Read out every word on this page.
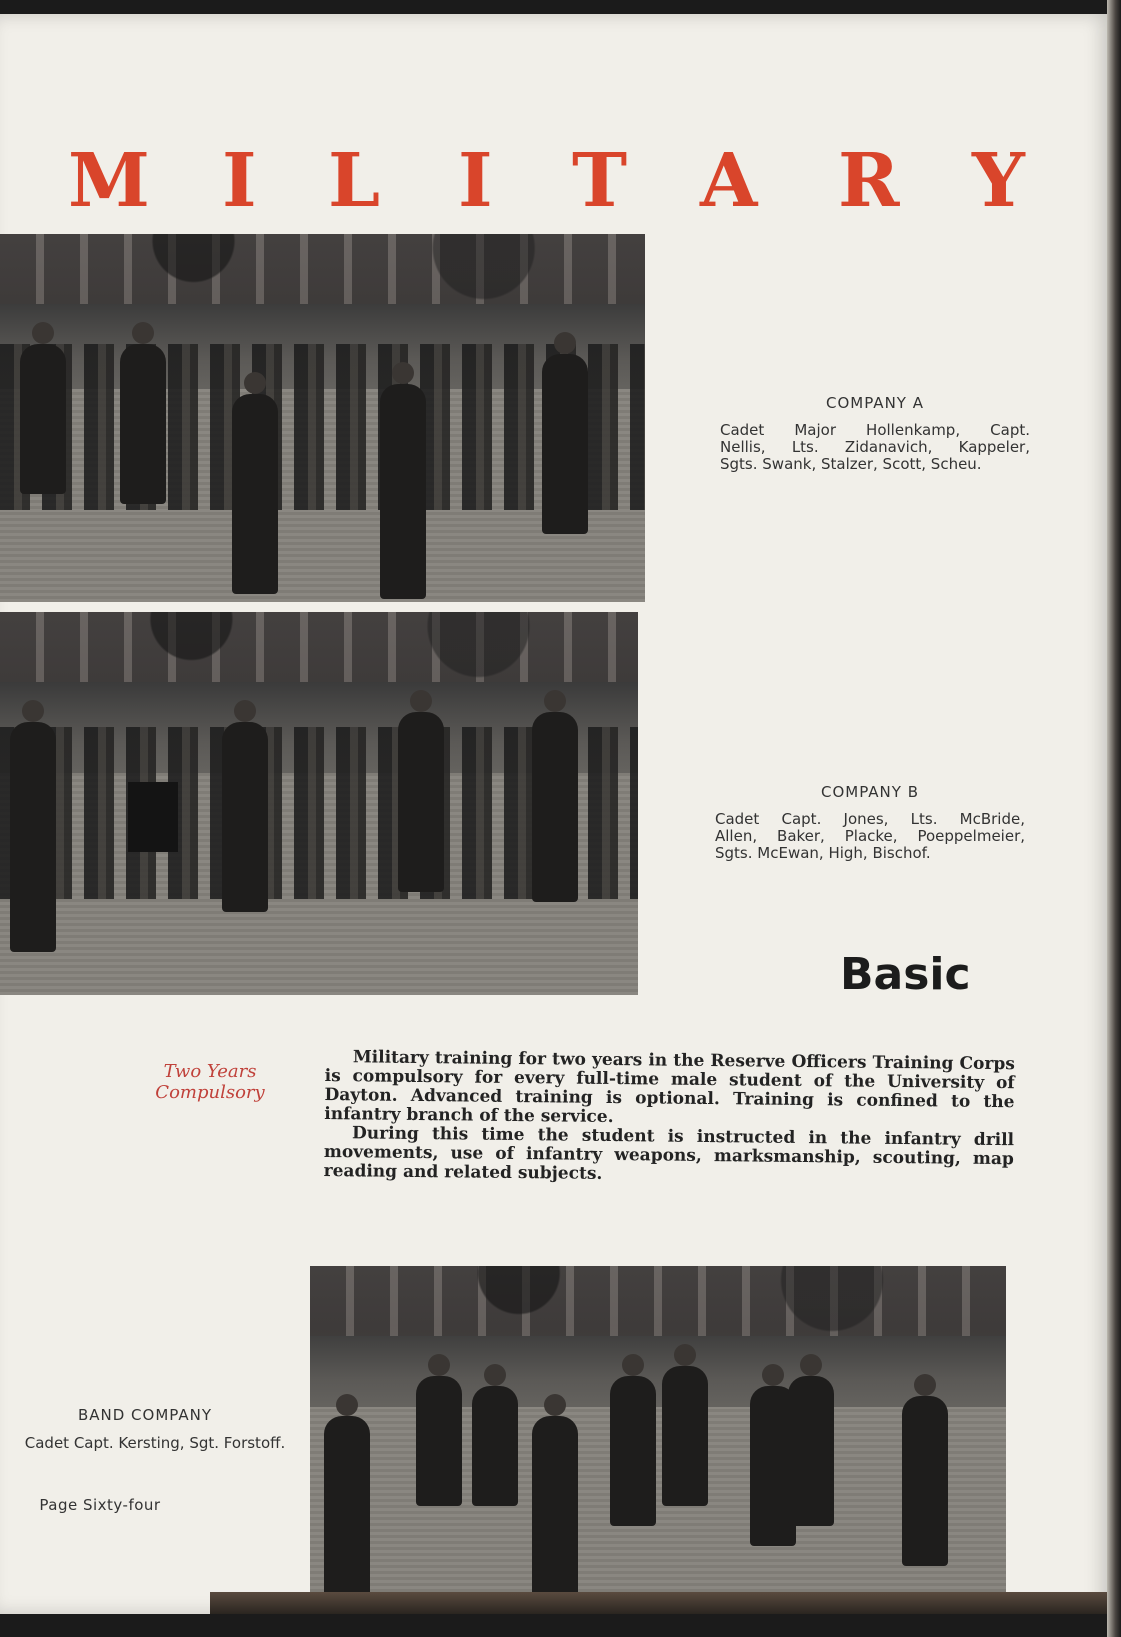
M I L I T A R Y
COMPANY A
Cadet Major Hollenkamp, Capt.
Nellis, Lts. Zidanavich, Kappeler,
Sgts. Swank, Stalzer, Scott, Scheu.
COMPANY B
Cadet Capt. Jones, Lts. McBride,
Allen, Baker, Placke, Poeppelmeier,
Sgts. McEwan, High, Bischof.
Basic
Two Years
Compulsory

Military training for two years in the Reserve Officers Training Corps is compulsory for every full-time male student of the University of Dayton. Advanced training is optional. Training is confined to the infantry branch of the service.

During this time the student is instructed in the infantry drill movements, use of infantry weapons, marksmanship, scouting, map reading and related subjects.

BAND COMPANY
Cadet Capt. Kersting, Sgt. Forstoff.
Page Sixty-four
